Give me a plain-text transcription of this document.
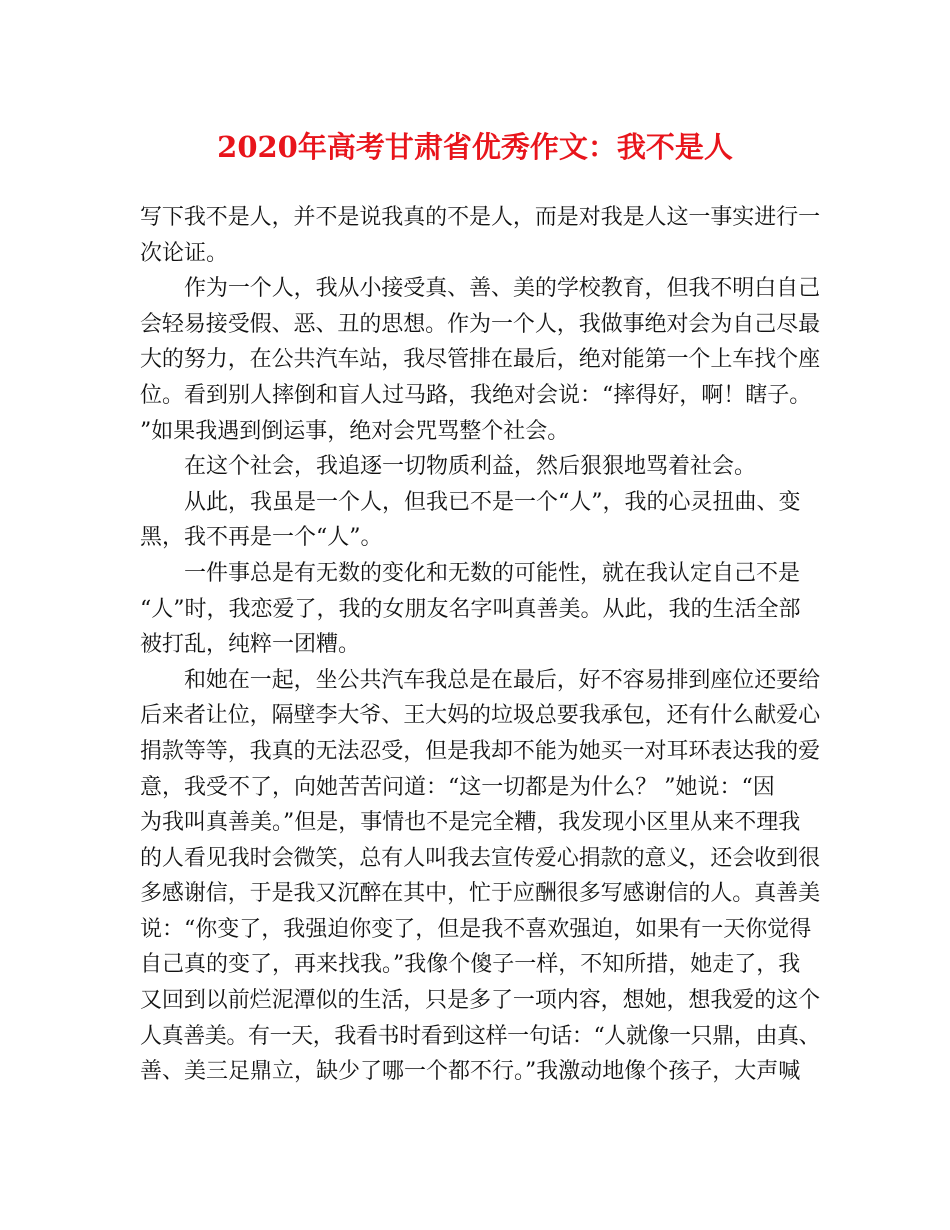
2020年高考甘肃省优秀作文：我不是人
写下我不是人，并不是说我真的不是人，而是对我是人这一事实进行一
次论证。
作为一个人，我从小接受真、善、美的学校教育，但我不明白自己
会轻易接受假、恶、丑的思想。作为一个人，我做事绝对会为自己尽最
大的努力，在公共汽车站，我尽管排在最后，绝对能第一个上车找个座
位。看到别人摔倒和盲人过马路，我绝对会说：“摔得好，啊！瞎子。
”如果我遇到倒运事，绝对会咒骂整个社会。
在这个社会，我追逐一切物质利益，然后狠狠地骂着社会。
从此，我虽是一个人，但我已不是一个“人”，我的心灵扭曲、变
黑，我不再是一个“人”。
一件事总是有无数的变化和无数的可能性，就在我认定自己不是
“人”时，我恋爱了，我的女朋友名字叫真善美。从此，我的生活全部
被打乱，纯粹一团糟。
和她在一起，坐公共汽车我总是在最后，好不容易排到座位还要给
后来者让位，隔壁李大爷、王大妈的垃圾总要我承包，还有什么献爱心
捐款等等，我真的无法忍受，但是我却不能为她买一对耳环表达我的爱
意，我受不了，向她苦苦问道：“这一切都是为什么？ ”她说：“因
为我叫真善美。”但是，事情也不是完全糟，我发现小区里从来不理我
的人看见我时会微笑，总有人叫我去宣传爱心捐款的意义，还会收到很
多感谢信，于是我又沉醉在其中，忙于应酬很多写感谢信的人。真善美
说：“你变了，我强迫你变了，但是我不喜欢强迫，如果有一天你觉得
自己真的变了，再来找我。”我像个傻子一样，不知所措，她走了，我
又回到以前烂泥潭似的生活，只是多了一项内容，想她，想我爱的这个
人真善美。有一天，我看书时看到这样一句话：“人就像一只鼎，由真、
善、美三足鼎立，缺少了哪一个都不行。”我激动地像个孩子，大声喊
